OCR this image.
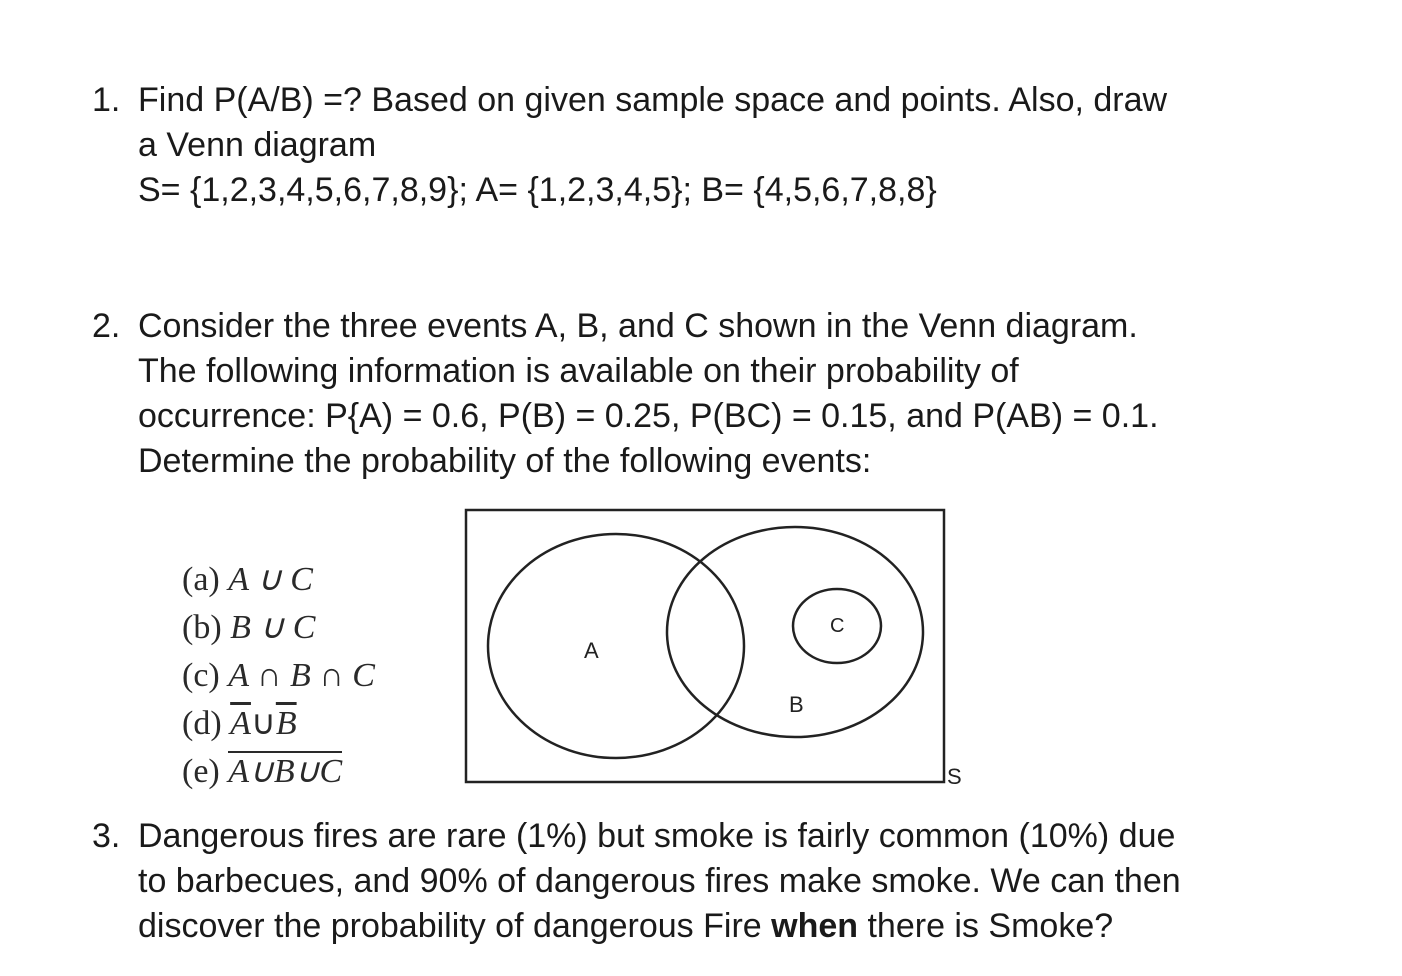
1. Find P(A/B) =? Based on given sample space and points. Also, draw
a Venn diagram
S= {1,2,3,4,5,6,7,8,9}; A= {1,2,3,4,5}; B= {4,5,6,7,8,8}
2. Consider the three events A, B, and C shown in the Venn diagram.
The following information is available on their probability of
occurrence: P{A) = 0.6, P(B) = 0.25, P(BC) = 0.15, and P(AB) = 0.1.
Determine the probability of the following events:
(a) A ∪ C
(b) B ∪ C
(c) A ∩ B ∩ C
(d) $\overline{A}\cup\overline{B}$
(e) A∪B∪C
A
B
C
S
3. Dangerous fires are rare (1%) but smoke is fairly common (10%) due
to barbecues, and 90% of dangerous fires make smoke. We can then
discover the probability of dangerous Fire when there is Smoke?
